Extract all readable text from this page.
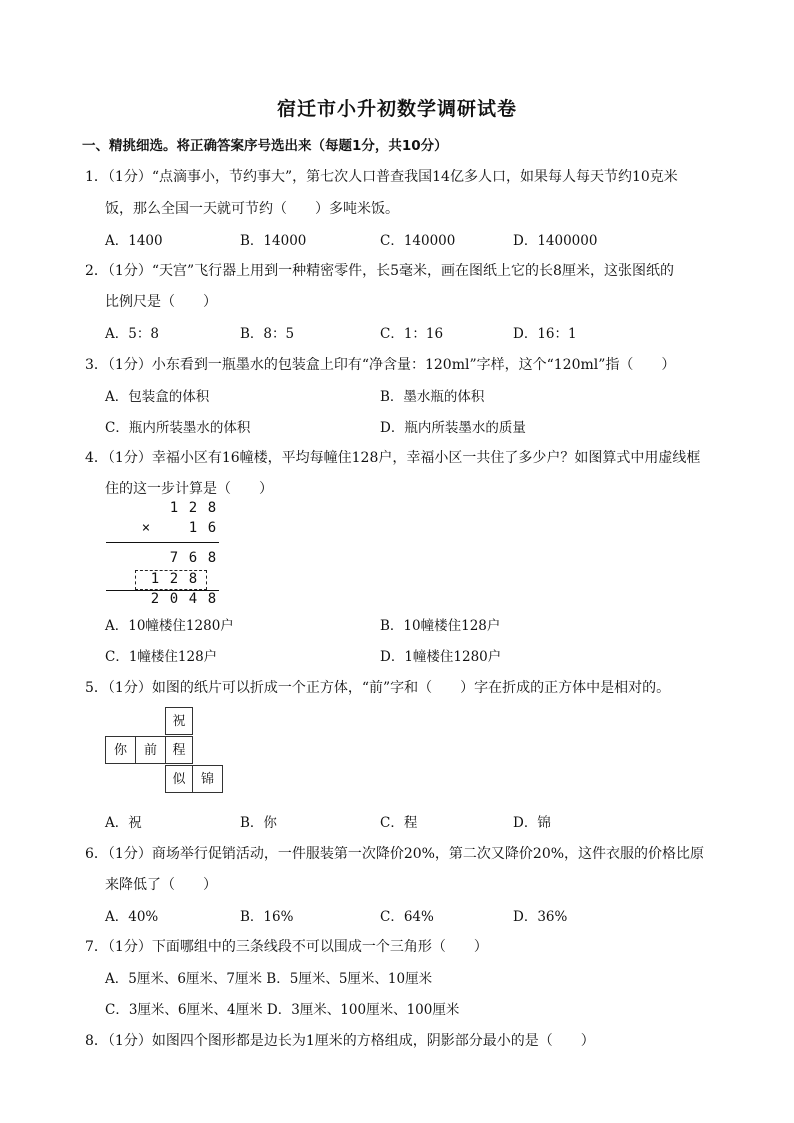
宿迁市小升初数学调研试卷
一、精挑细选。将正确答案序号选出来（每题1分，共10分）
1．（1分）“点滴事小，节约事大”，第七次人口普查我国14亿多人口，如果每人每天节约10克米
饭，那么全国一天就可节约（　　）多吨米饭。
A．1400	B．14000	C．140000	D．1400000
2．（1分）“天宫”飞行器上用到一种精密零件，长5毫米，画在图纸上它的长8厘米，这张图纸的
比例尺是（　　）
A．5：8	B．8：5	C．1：16	D．16：1
3．（1分）小东看到一瓶墨水的包装盒上印有“净含量：120ml”字样，这个“120ml”指（　　）
A．包装盒的体积	B．墨水瓶的体积
C．瓶内所装墨水的体积	D．瓶内所装墨水的质量
4．（1分）幸福小区有16幢楼，平均每幢住128户，幸福小区一共住了多少户？如图算式中用虚线框
住的这一步计算是（　　）
1 2 8
×	1 6
7 6 8
1 2 8
2 0 4 8
A．10幢楼住1280户	B．10幢楼住128户
C．1幢楼住128户	D．1幢楼住1280户
5．（1分）如图的纸片可以折成一个正方体，“前”字和（　　）字在折成的正方体中是相对的。
祝
你	前	程
似	锦
A．祝	B．你	C．程	D．锦
6．（1分）商场举行促销活动，一件服装第一次降价20%，第二次又降价20%，这件衣服的价格比原
来降低了（　　）
A．40%	B．16%	C．64%	D．36%
7．（1分）下面哪组中的三条线段不可以围成一个三角形（　　）
A．5厘米、6厘米、7厘米 B．5厘米、5厘米、10厘米
C．3厘米、6厘米、4厘米 D．3厘米、100厘米、100厘米
8．（1分）如图四个图形都是边长为1厘米的方格组成，阴影部分最小的是（　　）
